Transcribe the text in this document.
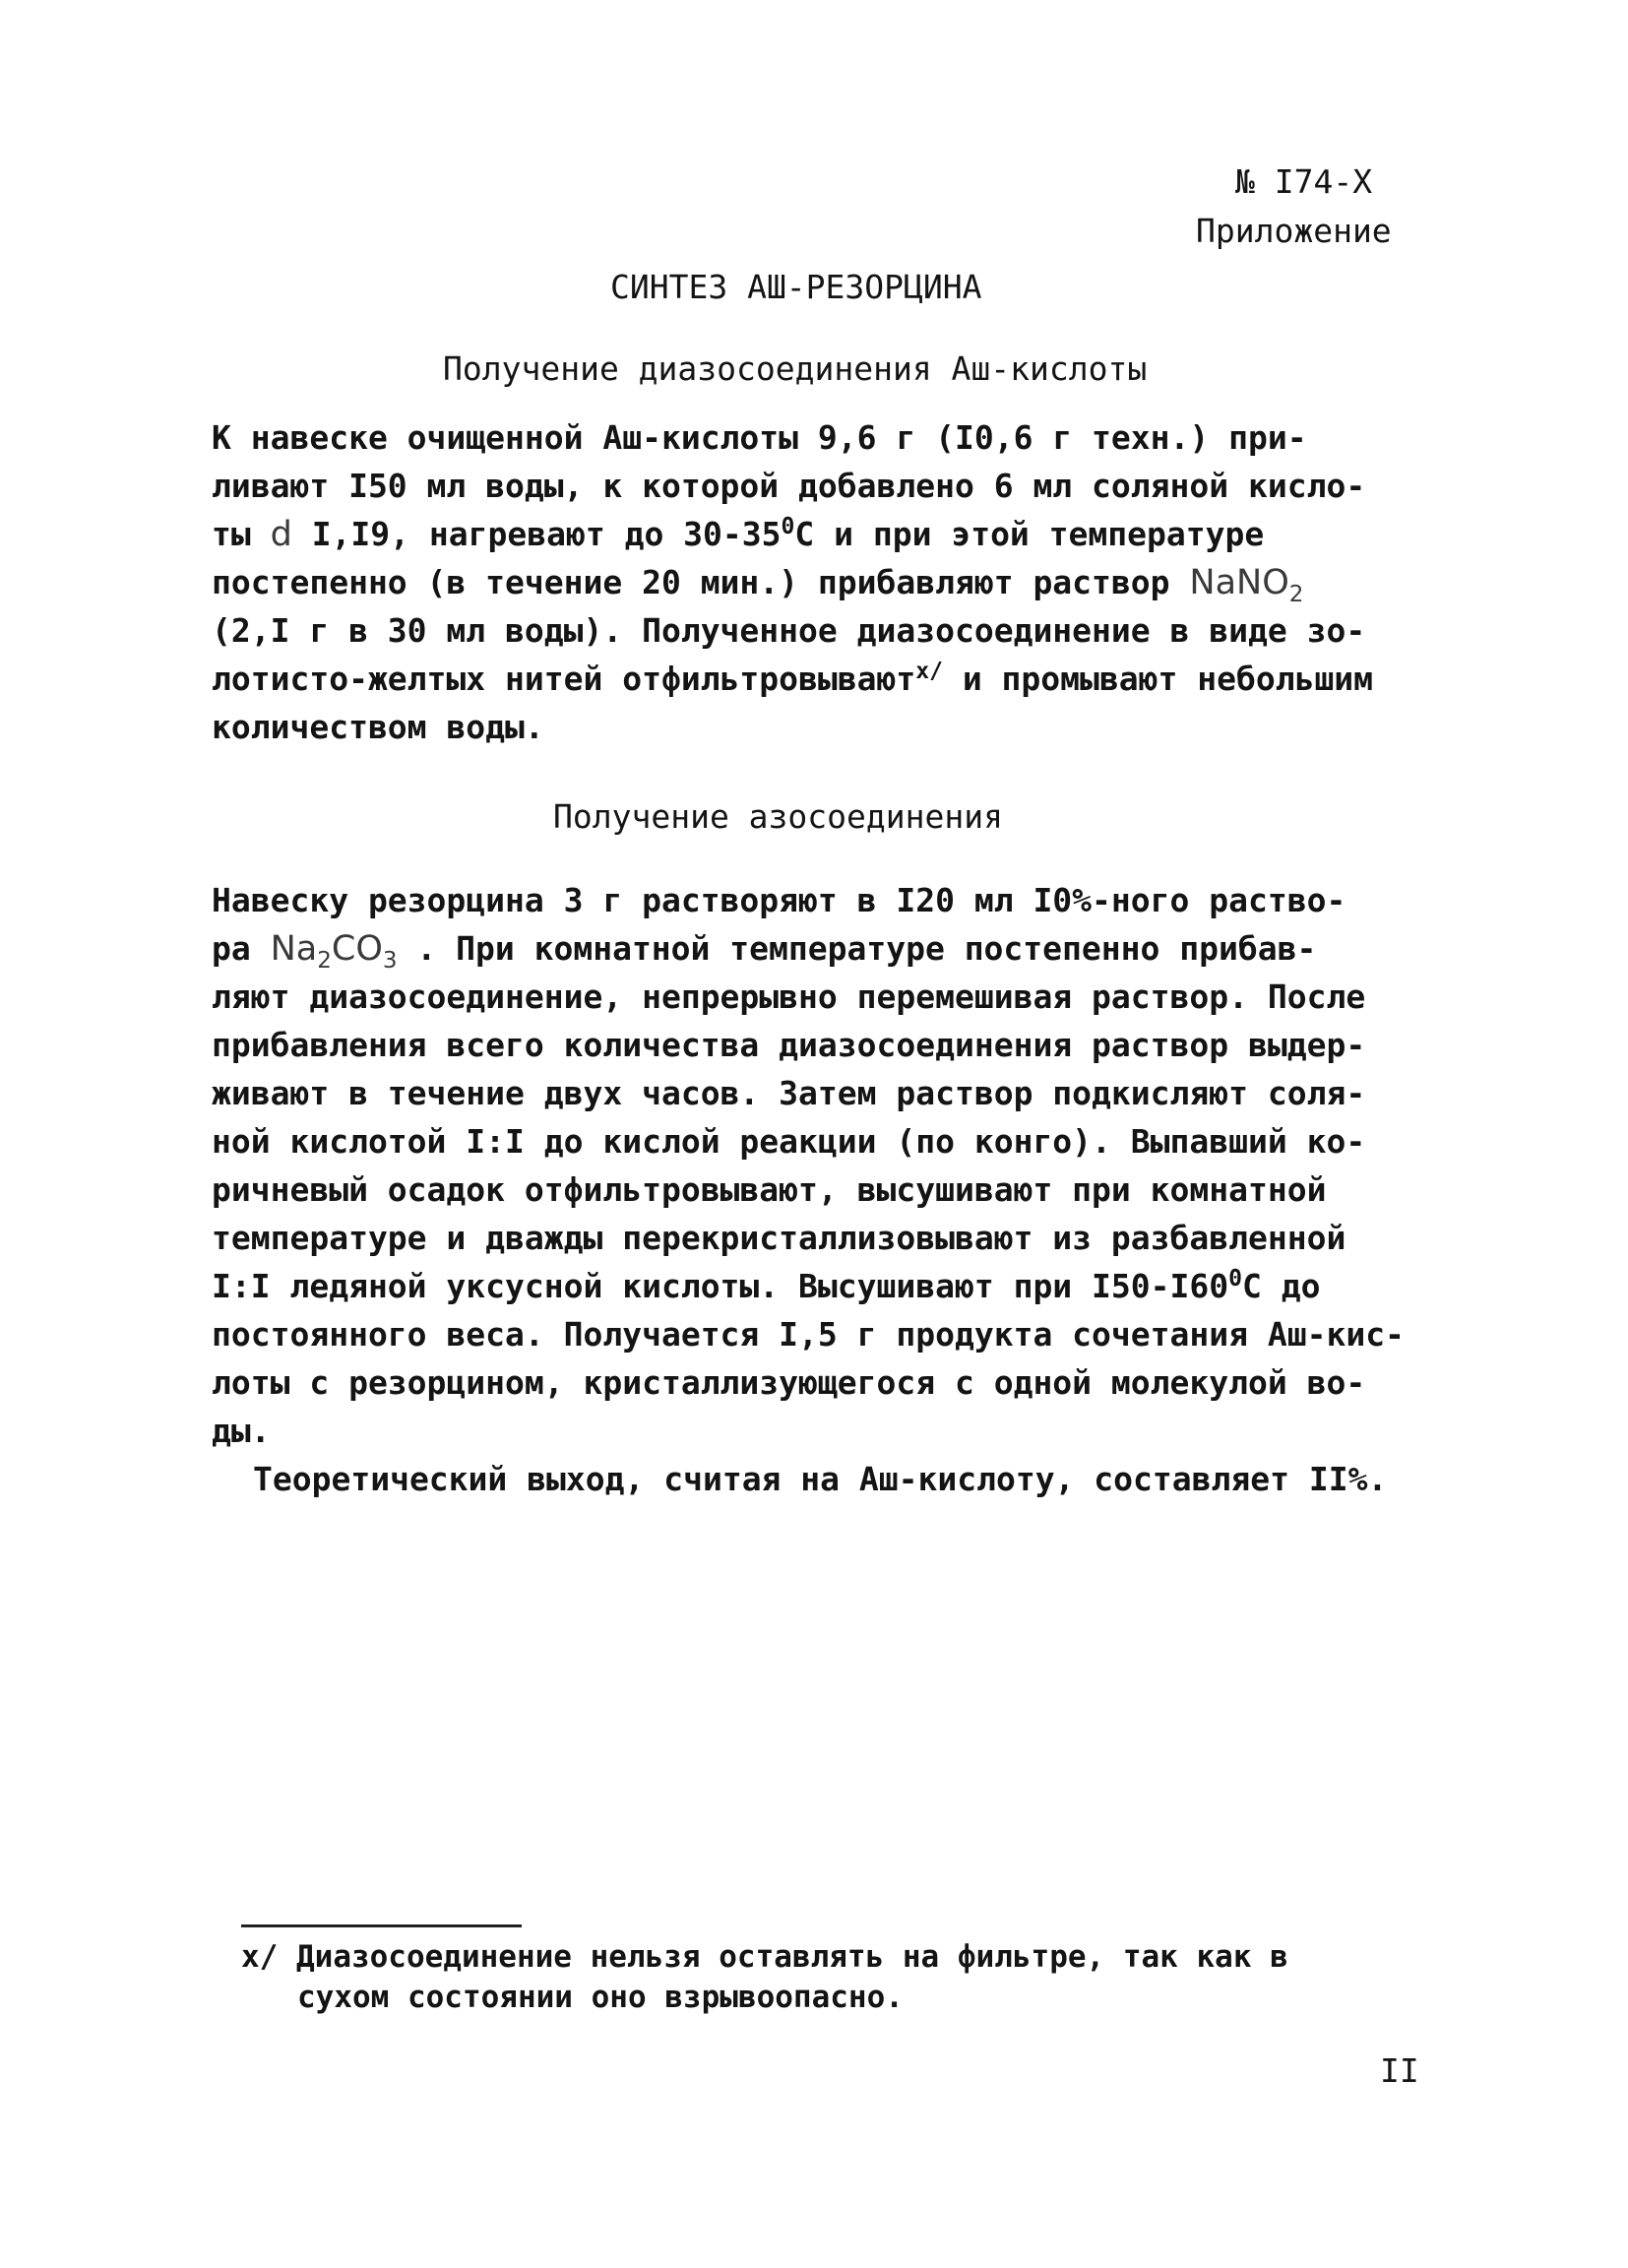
№ I74-X
Приложение
СИНТЕЗ АШ-РЕЗОРЦИНА
Получение диазосоединения Аш-кислоты
К навеске очищенной Аш-кислоты 9,6 г (I0,6 г техн.) при-
ливают I50 мл воды, к которой добавлено 6 мл соляной кисло-
ты d I,I9, нагревают до $30-35^0С$ и при этой температуре
постепенно (в течение 20 мин.) прибавляют раствор NaNO$_2$
(2,I г в 30 мл воды). Полученное диазосоединение в виде зо-
лотисто-желтых нитей отфильтровывают$^{x/}$ и промывают небольшим
количеством воды.
Получение азосоединения
Навеску резорцина 3 г растворяют в I20 мл I0%-ного раство-
ра $Na_2CO_3$ . При комнатной температуре постепенно прибав-
ляют диазосоединение, непрерывно перемешивая раствор. После
прибавления всего количества диазосоединения раствор выдер-
живают в течение двух часов. Затем раствор подкисляют соля-
ной кислотой I:I до кислой реакции (по конго). Выпавший ко-
ричневый осадок отфильтровывают, высушивают при комнатной
температуре и дважды перекристаллизовывают из разбавленной
I:I ледяной уксусной кислоты. Высушивают при $I50-I60^0С$ до
постоянного веса. Получается I,5 г продукта сочетания Аш-кис-
лоты с резорцином, кристаллизующегося с одной молекулой во-
ды.
Теоретический выход, считая на Аш-кислоту, составляет II%.
x/ Диазосоединение нельзя оставлять на фильтре, так как в
сухом состоянии оно взрывоопасно.
II
